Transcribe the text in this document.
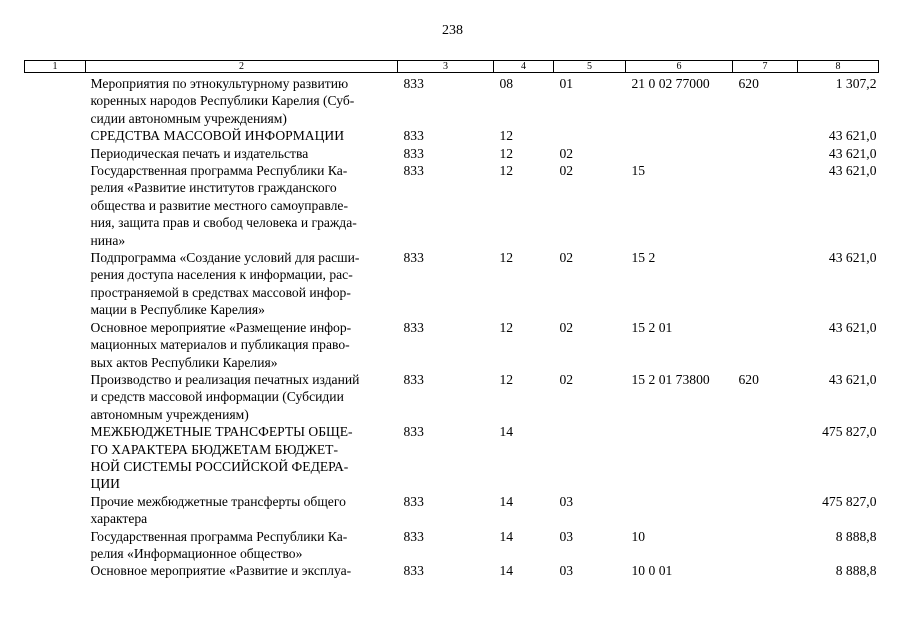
238
1	2	3	4	5	6	7	8

	Мероприятия по этнокультурному развитию
коренных народов Республики Карелия (Суб-
сидии автономным учреждениям)	833	08	01	21 0 02 77000	620	1 307,2

	СРЕДСТВА МАССОВОЙ ИНФОРМАЦИИ	833	12				43 621,0

	Периодическая печать и издательства	833	12	02			43 621,0

	Государственная программа Республики Ка-
релия «Развитие институтов гражданского
общества и развитие местного самоуправле-
ния, защита прав и свобод человека и гражда-
нина»	833	12	02	15		43 621,0

	Подпрограмма «Создание условий для расши-
рения доступа населения к информации, рас-
пространяемой в средствах массовой инфор-
мации в Республике Карелия»	833	12	02	15 2		43 621,0

	Основное мероприятие «Размещение инфор-
мационных материалов и публикация право-
вых актов Республики Карелия»	833	12	02	15 2 01		43 621,0

	Производство и реализация печатных изданий
и средств массовой информации (Субсидии
автономным учреждениям)	833	12	02	15 2 01 73800	620	43 621,0

	МЕЖБЮДЖЕТНЫЕ ТРАНСФЕРТЫ ОБЩЕ-
ГО ХАРАКТЕРА БЮДЖЕТАМ БЮДЖЕТ-
НОЙ СИСТЕМЫ РОССИЙСКОЙ ФЕДЕРА-
ЦИИ	833	14				475 827,0

	Прочие межбюджетные трансферты общего
характера	833	14	03			475 827,0

	Государственная программа Республики Ка-
релия «Информационное общество»	833	14	03	10		8 888,8

	Основное мероприятие «Развитие и эксплуа-	833	14	03	10 0 01		8 888,8
